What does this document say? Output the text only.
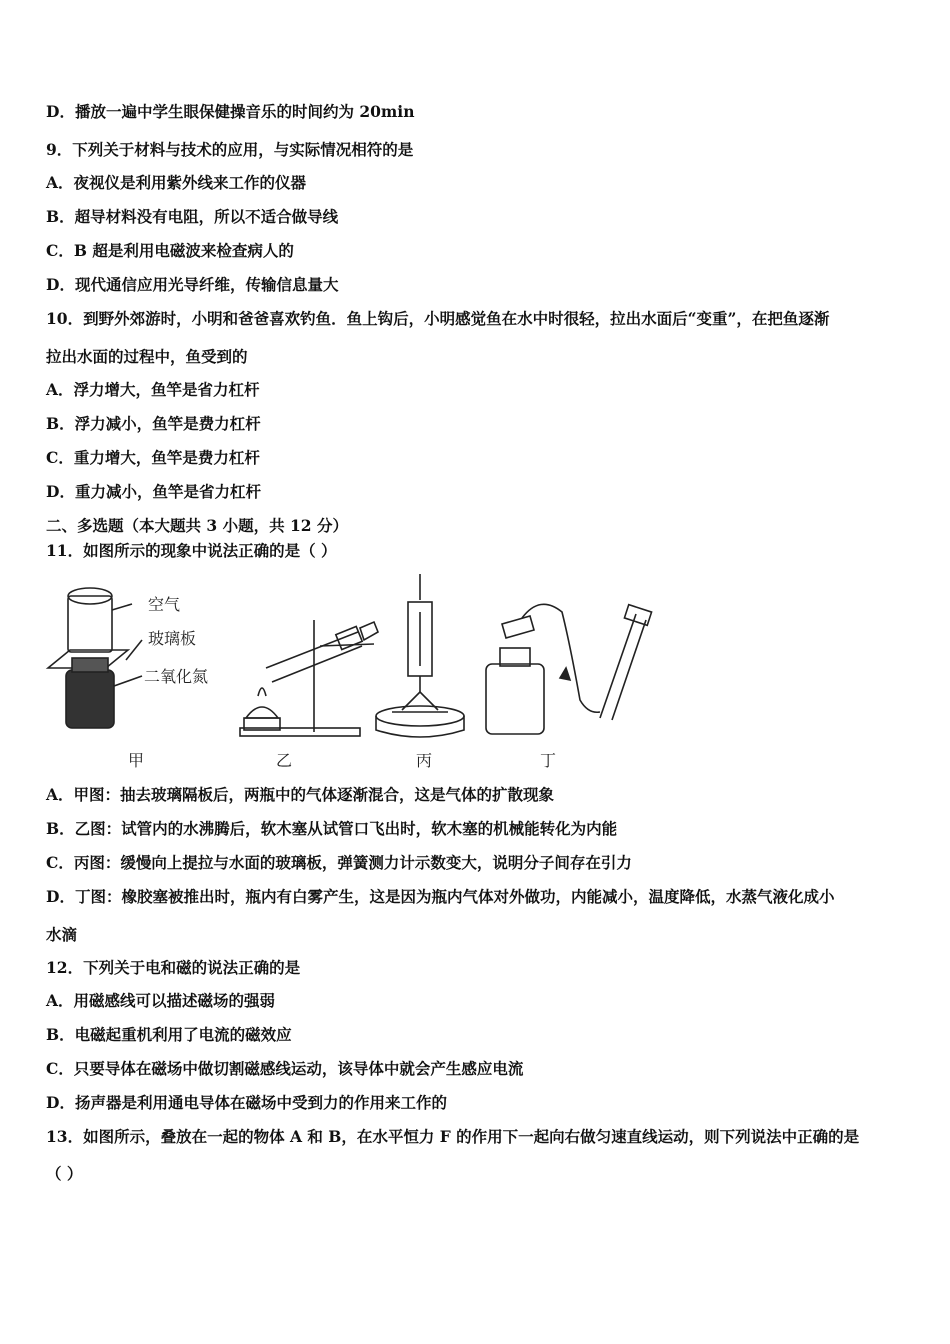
D．播放一遍中学生眼保健操音乐的时间约为 20min
9．下列关于材料与技术的应用，与实际情况相符的是
A．夜视仪是利用紫外线来工作的仪器
B．超导材料没有电阻，所以不适合做导线
C．B 超是利用电磁波来检查病人的
D．现代通信应用光导纤维，传输信息量大
10．到野外郊游时，小明和爸爸喜欢钓鱼．鱼上钩后，小明感觉鱼在水中时很轻，拉出水面后“变重”，在把鱼逐渐
拉出水面的过程中，鱼受到的
A．浮力增大，鱼竿是省力杠杆
B．浮力减小，鱼竿是费力杠杆
C．重力增大，鱼竿是费力杠杆
D．重力减小，鱼竿是省力杠杆
二、多选题（本大题共 3 小题，共 12 分）
11．如图所示的现象中说法正确的是（ ）
空气
玻璃板
二氧化氮
甲	乙	丙	丁
A．甲图：抽去玻璃隔板后，两瓶中的气体逐渐混合，这是气体的扩散现象
B．乙图：试管内的水沸腾后，软木塞从试管口飞出时，软木塞的机械能转化为内能
C．丙图：缓慢向上提拉与水面的玻璃板，弹簧测力计示数变大，说明分子间存在引力
D．丁图：橡胶塞被推出时，瓶内有白雾产生，这是因为瓶内气体对外做功，内能减小，温度降低，水蒸气液化成小
水滴
12．下列关于电和磁的说法正确的是
A．用磁感线可以描述磁场的强弱
B．电磁起重机利用了电流的磁效应
C．只要导体在磁场中做切割磁感线运动，该导体中就会产生感应电流
D．扬声器是利用通电导体在磁场中受到力的作用来工作的
13．如图所示，叠放在一起的物体 A 和 B，在水平恒力 F 的作用下一起向右做匀速直线运动，则下列说法中正确的是
（ ）
